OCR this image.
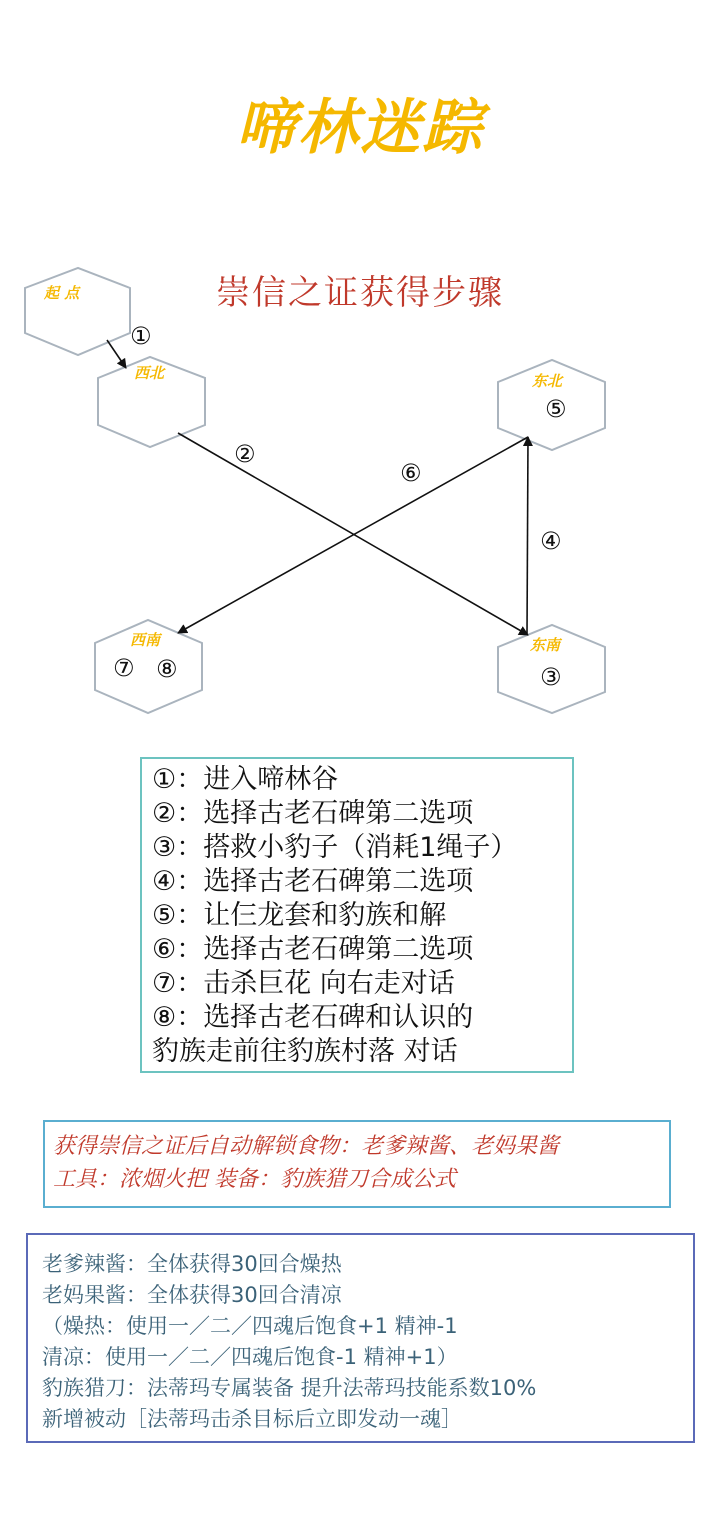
啼林迷踪
崇信之证获得步骤
起 点
西北	东北
西南	东南
①
②
③
④
⑤
⑥
⑦ ⑧
①：进入啼林谷
②：选择古老石碑第二选项
③：搭救小豹子（消耗1绳子）
④：选择古老石碑第二选项
⑤：让仨龙套和豹族和解
⑥：选择古老石碑第二选项
⑦：击杀巨花 向右走对话
⑧：选择古老石碑和认识的
豹族走前往豹族村落 对话
获得崇信之证后自动解锁食物：老爹辣酱、老妈果酱
工具：浓烟火把 装备：豹族猎刀合成公式
老爹辣酱：全体获得30回合燥热
老妈果酱：全体获得30回合清凉
（燥热：使用一／二／四魂后饱食+1 精神-1
清凉：使用一／二／四魂后饱食-1 精神+1）
豹族猎刀：法蒂玛专属装备 提升法蒂玛技能系数10%
新增被动［法蒂玛击杀目标后立即发动一魂］
